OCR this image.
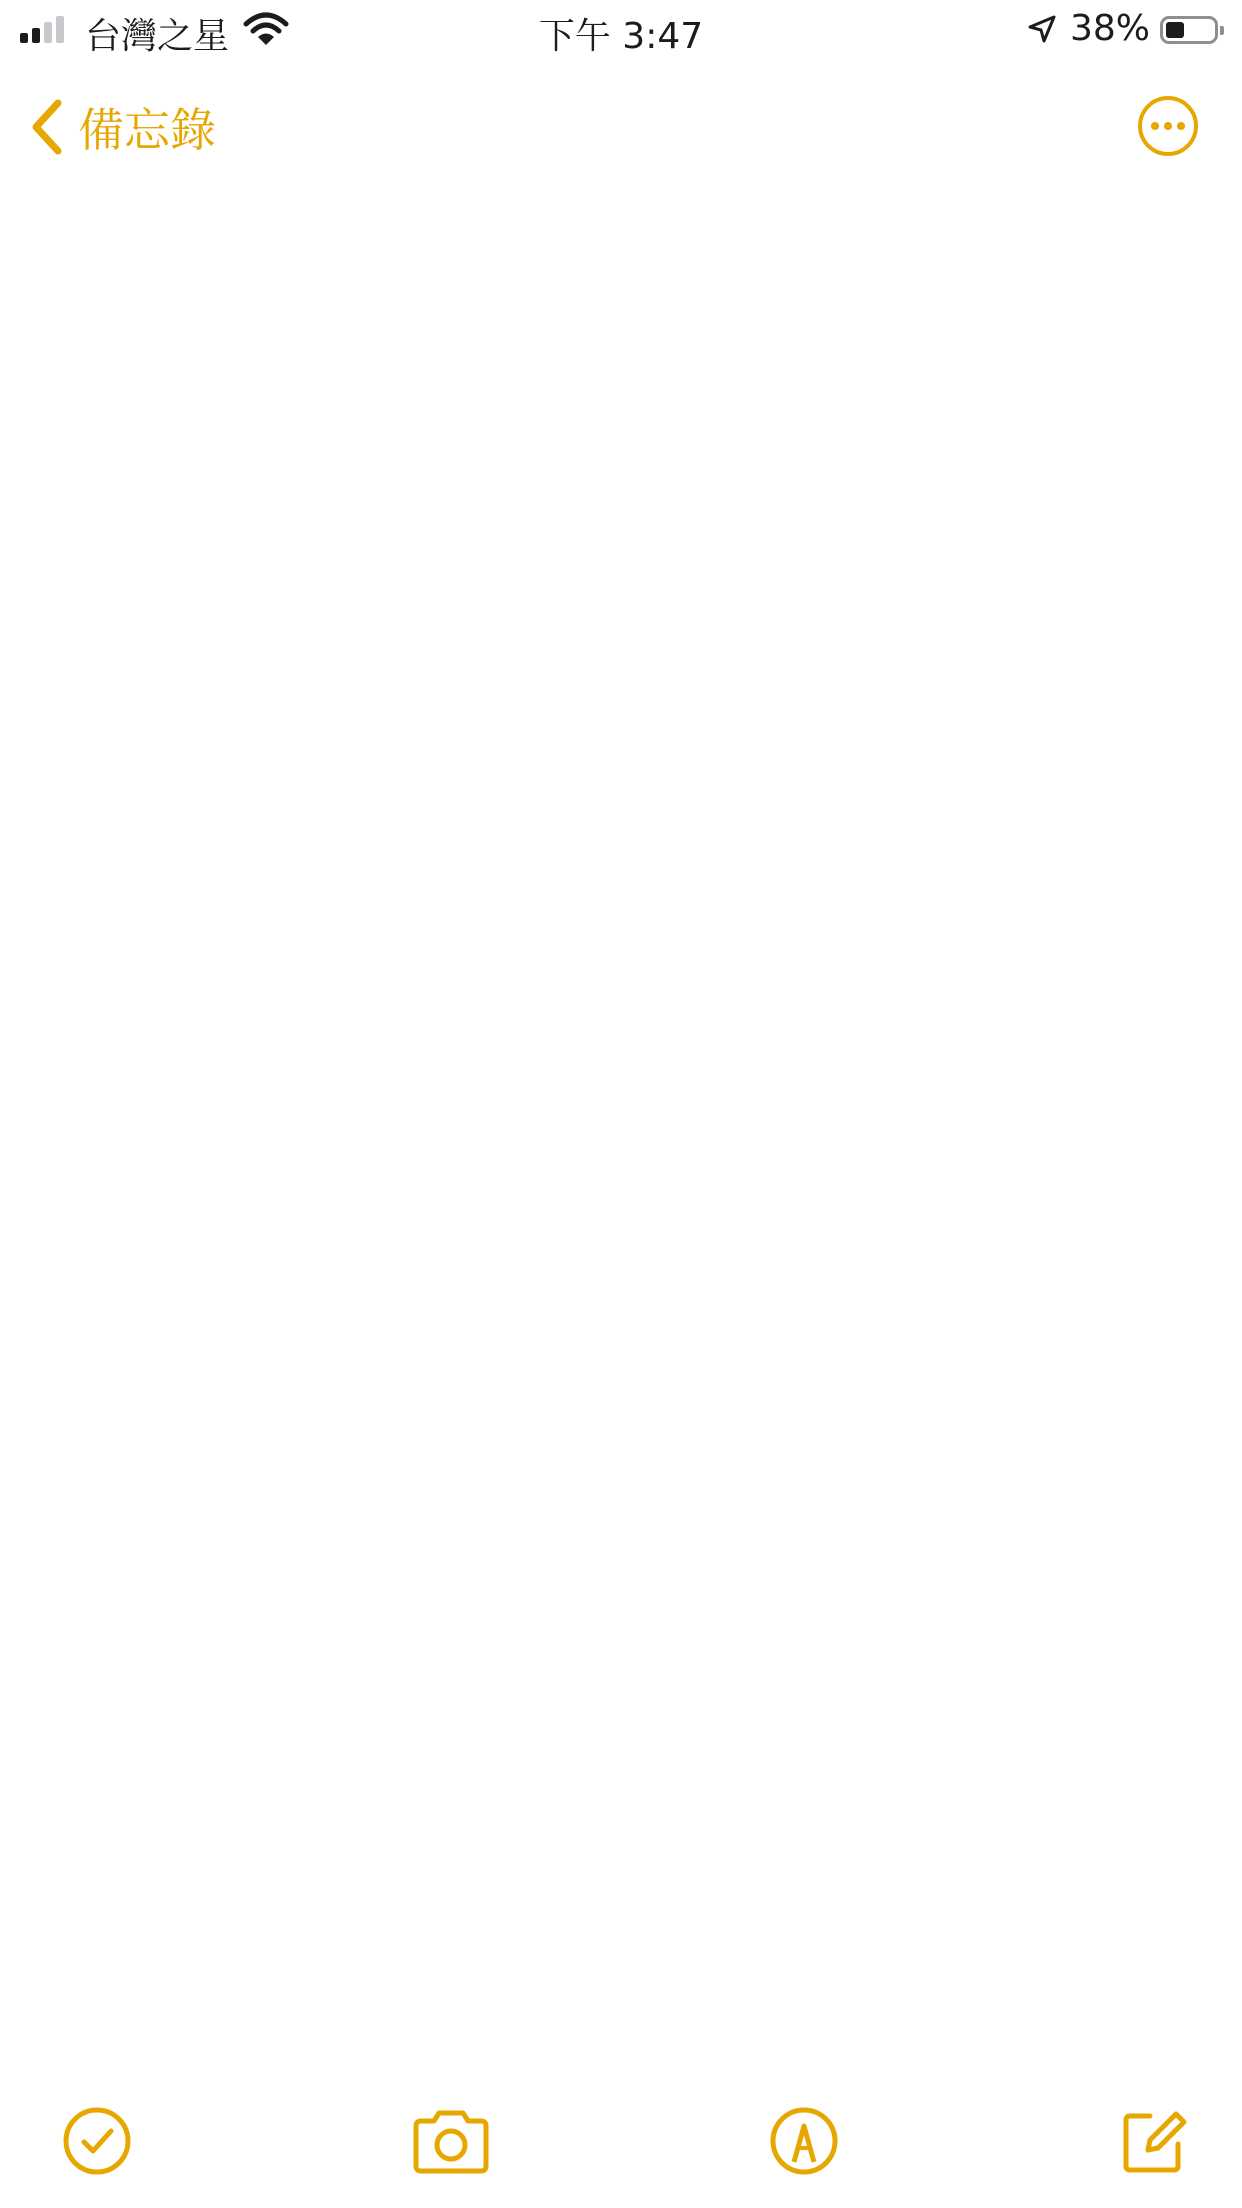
台灣之星	下午 3:47	38%
備忘錄
